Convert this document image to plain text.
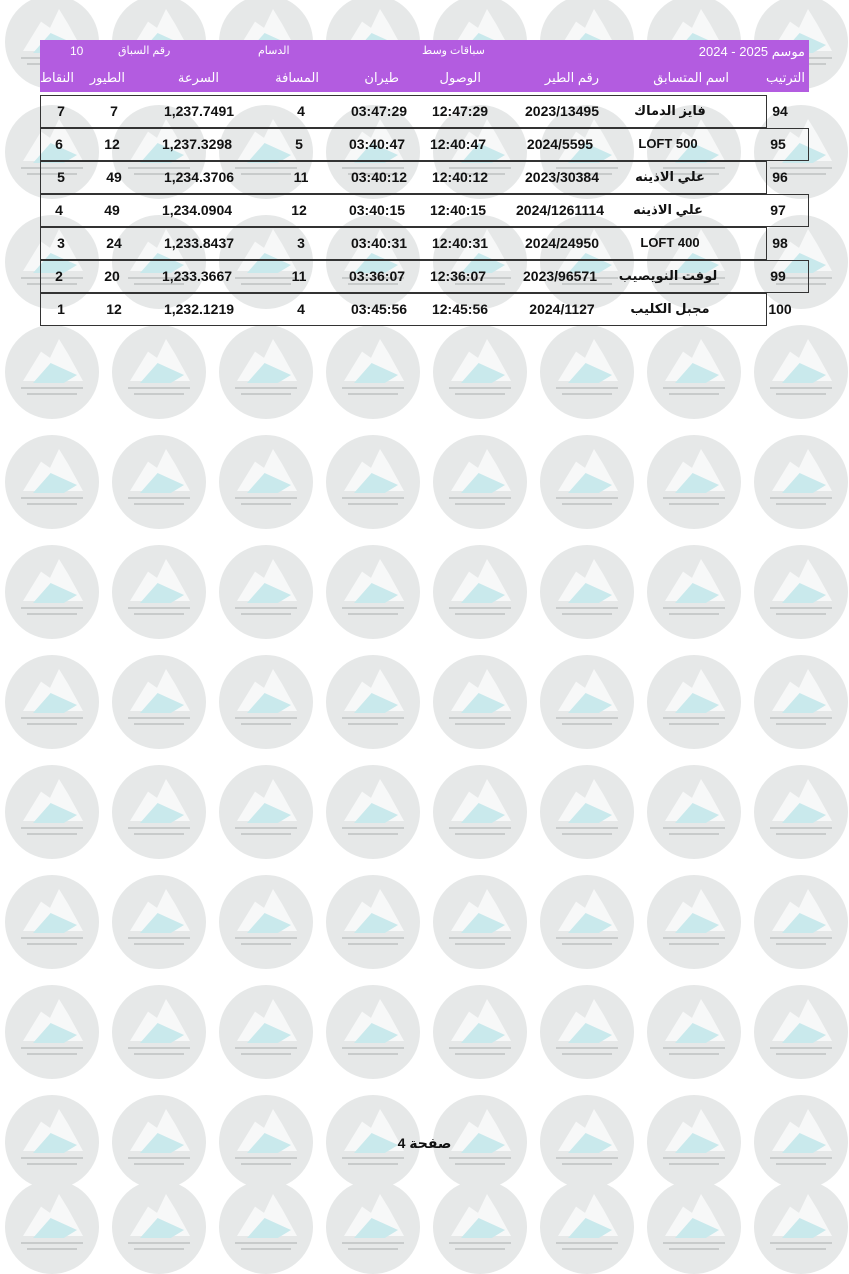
موسم 2025 - 2024
سباقات وسط
الدسام
رقم السباق
10
الترتيب
اسم المتسابق
رقم الطير
الوصول
طيران
المسافة
السرعة
الطيور
النقاط
94
فايز الدماك
2023/13495
12:47:29
03:47:29
4
1,237.7491
7
7
95
LOFT 500
2024/5595
12:40:47
03:40:47
5
1,237.3298
12
6
96
علي الاذينه
2023/30384
12:40:12
03:40:12
11
1,234.3706
49
5
97
علي الاذينه
2024/1261114
12:40:15
03:40:15
12
1,234.0904
49
4
98
LOFT 400
2024/24950
12:40:31
03:40:31
3
1,233.8437
24
3
99
لوفت النويصيب
2023/96571
12:36:07
03:36:07
11
1,233.3667
20
2
100
مجبل الكليب
2024/1127
12:45:56
03:45:56
4
1,232.1219
12
1
صفحة 4
